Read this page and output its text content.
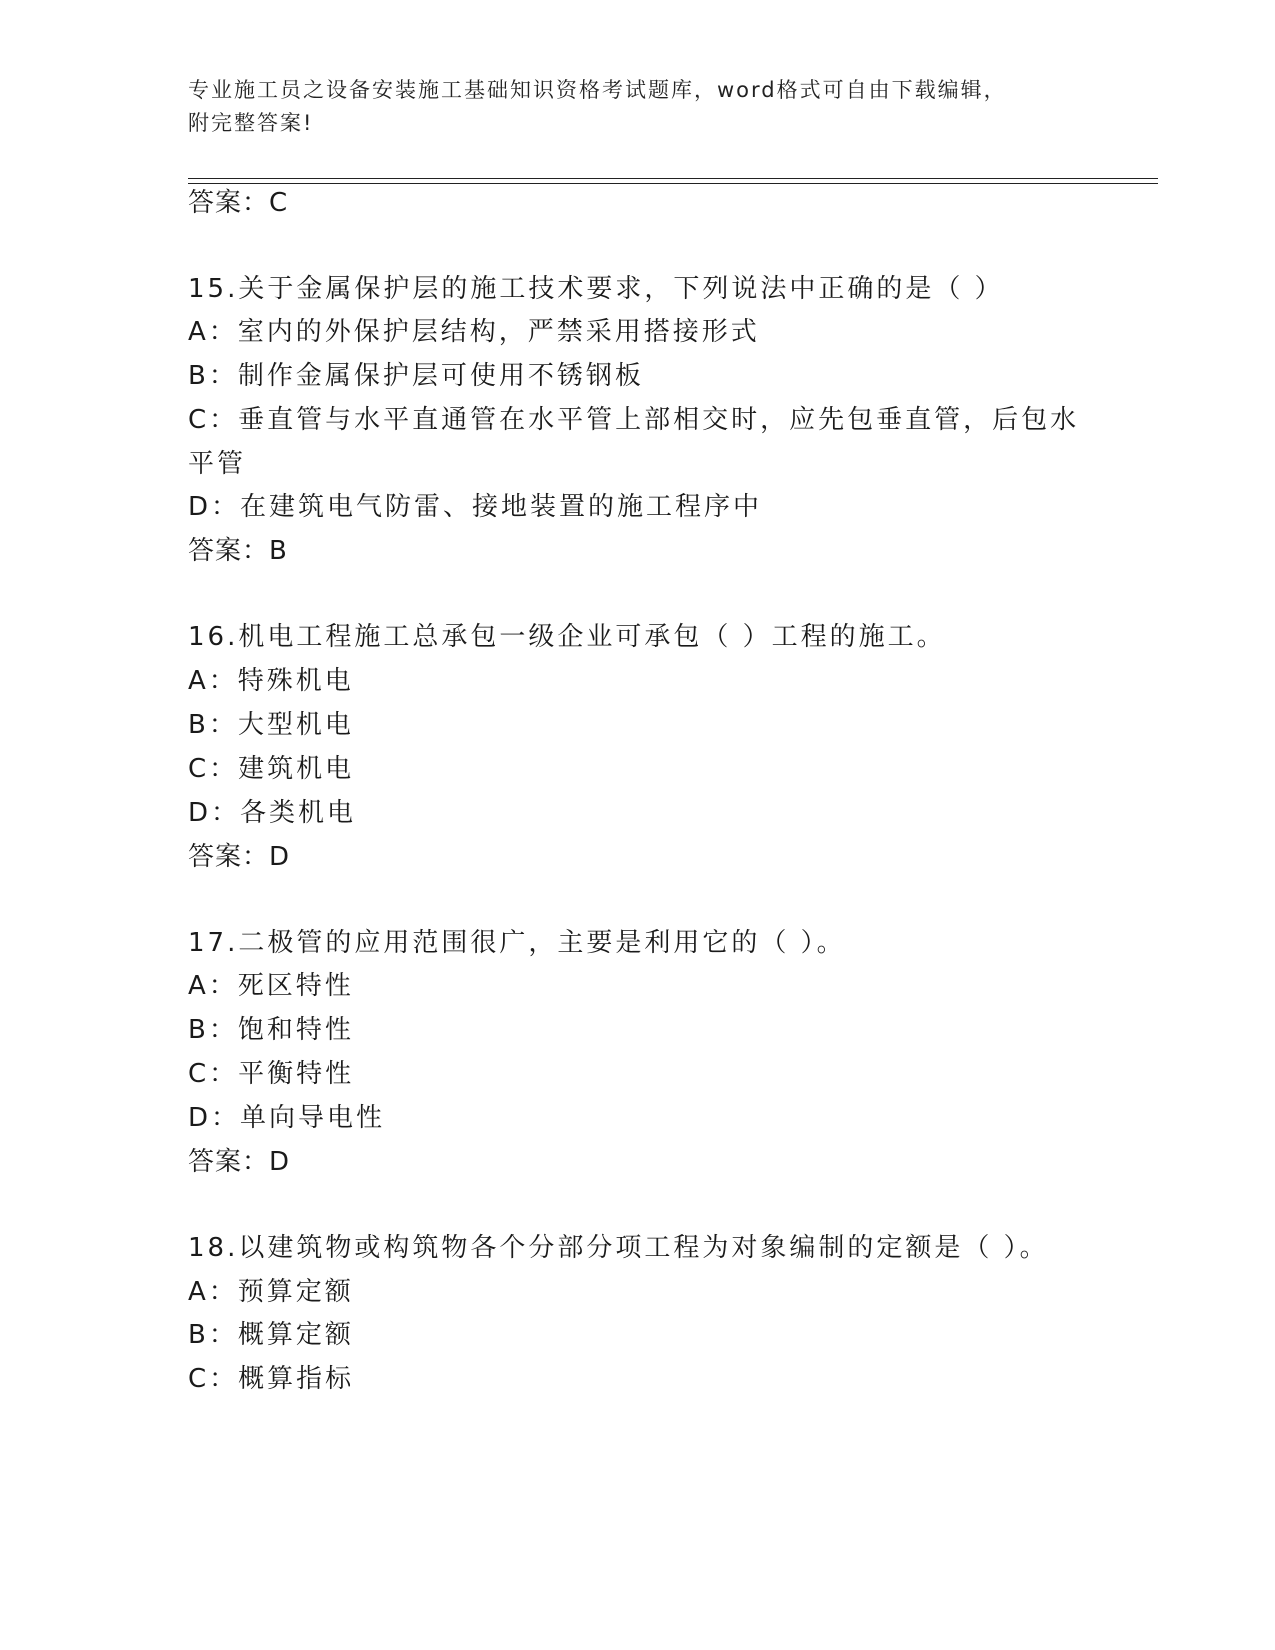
专业施工员之设备安装施工基础知识资格考试题库，word格式可自由下载编辑，
附完整答案!
答案：C
15.关于金属保护层的施工技术要求，下列说法中正确的是（ ）
A：室内的外保护层结构，严禁采用搭接形式
B：制作金属保护层可使用不锈钢板
C：垂直管与水平直通管在水平管上部相交时，应先包垂直管，后包水平管
D：在建筑电气防雷、接地装置的施工程序中
答案：B
16.机电工程施工总承包一级企业可承包（ ）工程的施工。
A：特殊机电
B：大型机电
C：建筑机电
D：各类机电
答案：D
17.二极管的应用范围很广，主要是利用它的（ ）。
A：死区特性
B：饱和特性
C：平衡特性
D：单向导电性
答案：D
18.以建筑物或构筑物各个分部分项工程为对象编制的定额是（ ）。
A：预算定额
B：概算定额
C：概算指标
